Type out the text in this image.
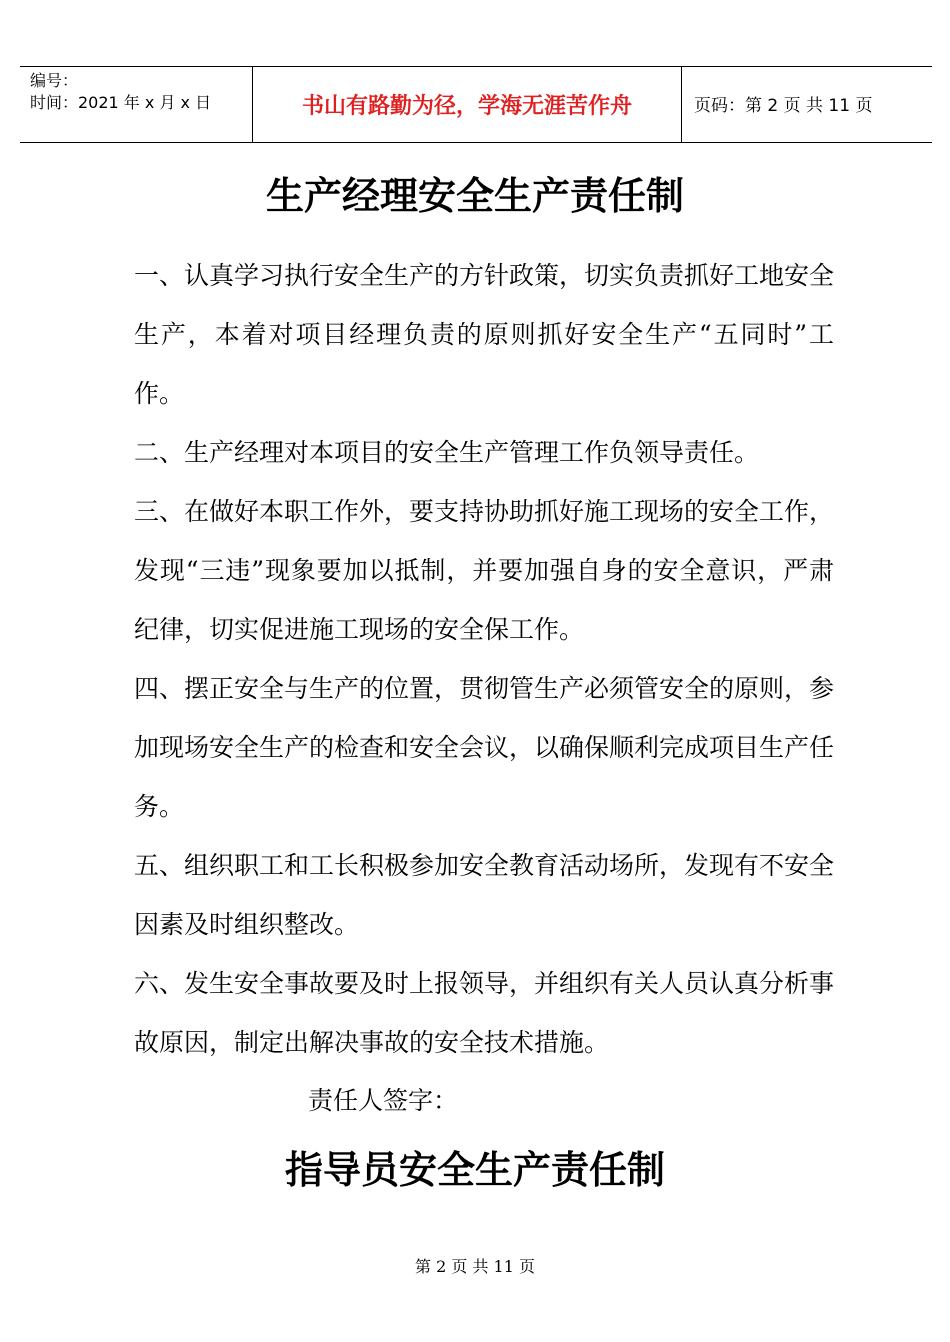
编号：
时间：2021 年 x 月 x 日	书山有路勤为径，学海无涯苦作舟	页码：第 2 页 共 11 页
生产经理安全生产责任制

一、认真学习执行安全生产的方针政策，切实负责抓好工地安全生产，本着对项目经理负责的原则抓好安全生产“五同时”工作。

二、生产经理对本项目的安全生产管理工作负领导责任。

三、在做好本职工作外，要支持协助抓好施工现场的安全工作，发现“三违”现象要加以抵制，并要加强自身的安全意识，严肃纪律，切实促进施工现场的安全保工作。

四、摆正安全与生产的位置，贯彻管生产必须管安全的原则，参加现场安全生产的检查和安全会议，以确保顺利完成项目生产任务。

五、组织职工和工长积极参加安全教育活动场所，发现有不安全因素及时组织整改。

六、发生安全事故要及时上报领导，并组织有关人员认真分析事故原因，制定出解决事故的安全技术措施。

责任人签字：
指导员安全生产责任制
第 2 页 共 11 页
